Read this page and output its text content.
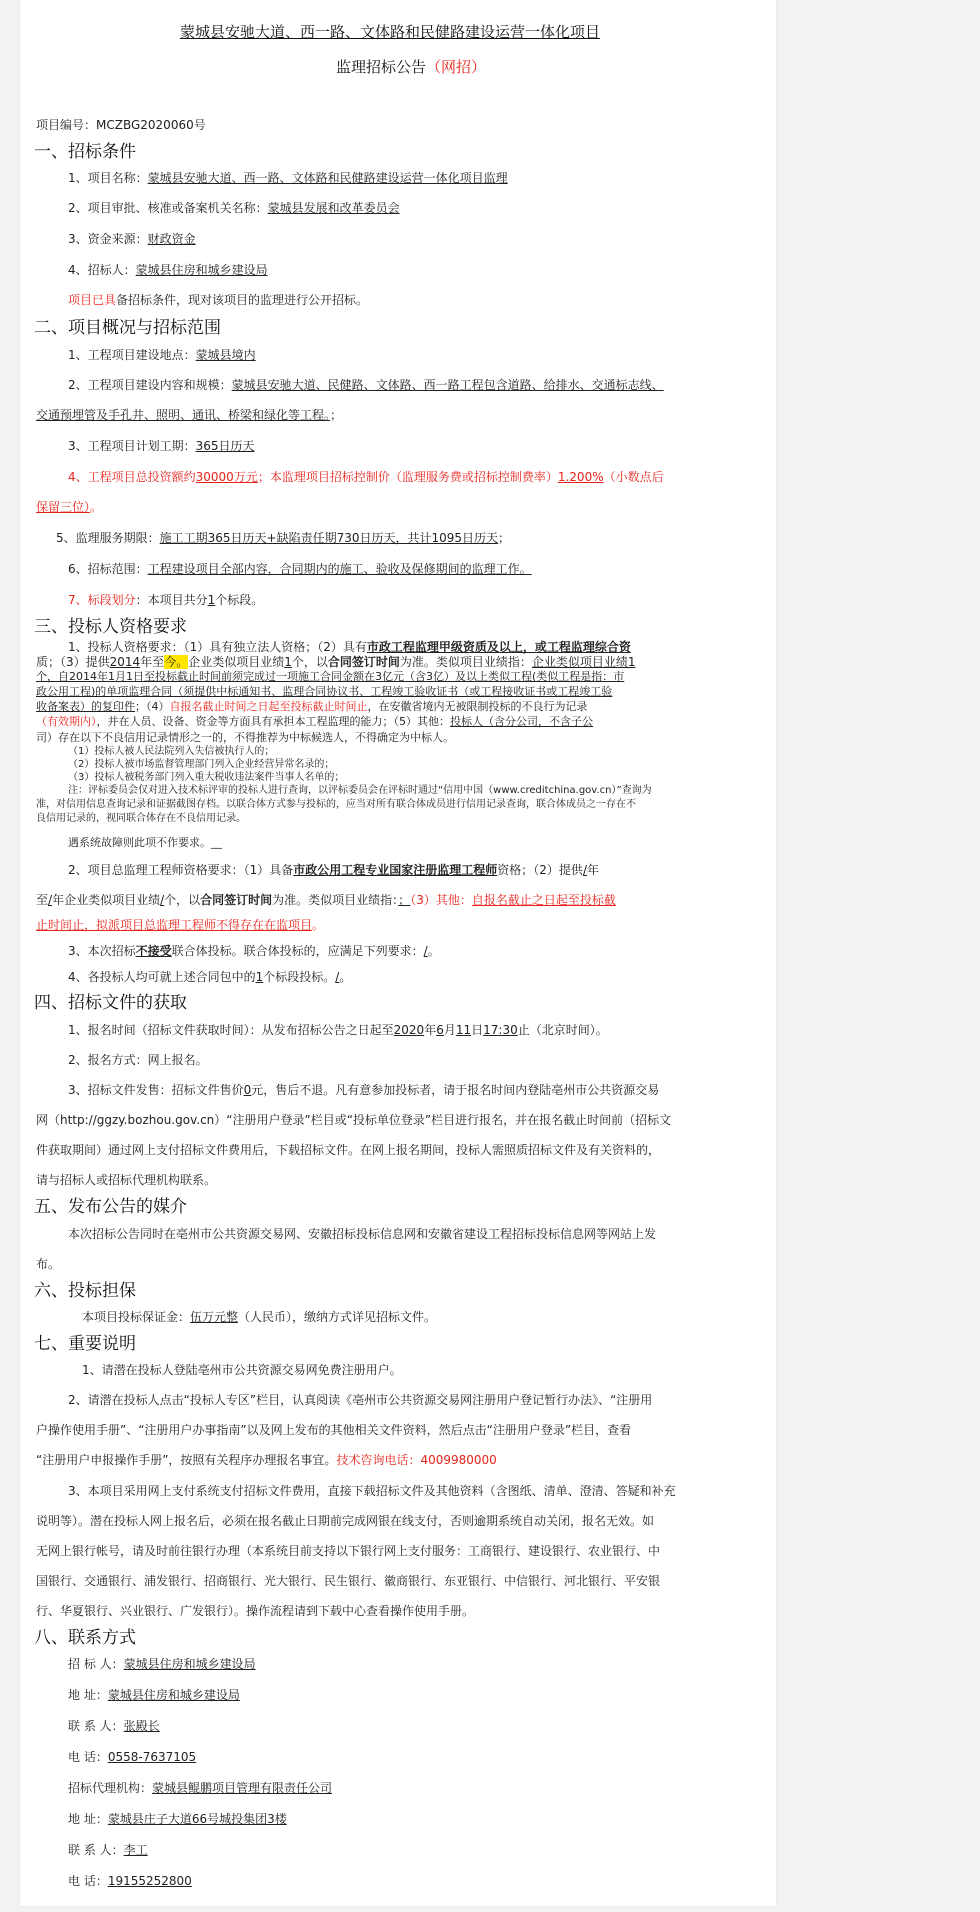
蒙城县安驰大道、西一路、文体路和民健路建设运营一体化项目
监理招标公告（网招）
项目编号：MCZBG2020060号
一、招标条件
1、项目名称：蒙城县安驰大道、西一路、文体路和民健路建设运营一体化项目监理
2、项目审批、核准或备案机关名称：蒙城县发展和改革委员会
3、资金来源：财政资金
4、招标人：蒙城县住房和城乡建设局
项目已具备招标条件，现对该项目的监理进行公开招标。
二、项目概况与招标范围
1、工程项目建设地点：蒙城县境内
2、工程项目建设内容和规模：蒙城县安驰大道、民健路、文体路、西一路工程包含道路、给排水、交通标志线、
交通预埋管及手孔井、照明、通讯、桥梁和绿化等工程。；
3、工程项目计划工期：365日历天
4、工程项目总投资额约30000万元；本监理项目招标控制价（监理服务费或招标控制费率）1.200%（小数点后
保留三位）。
5、监理服务期限：施工工期365日历天+缺陷责任期730日历天，共计1095日历天；
6、招标范围：工程建设项目全部内容，合同期内的施工、验收及保修期间的监理工作。
7、标段划分：本项目共分1个标段。
三、投标人资格要求
1、投标人资格要求：（1）具有独立法人资格；（2）具有市政工程监理甲级资质及以上，或工程监理综合资
质；（3）提供2014年至今。企业类似项目业绩1个，以合同签订时间为准。类似项目业绩指：企业类似项目业绩1
个，自2014年1月1日至投标截止时间前须完成过一项施工合同金额在3亿元（含3亿）及以上类似工程(类似工程是指：市
政公用工程)的单项监理合同（须提供中标通知书、监理合同协议书、工程竣工验收证书（或工程接收证书或工程竣工验
收备案表）的复印件；（4）自报名截止时间之日起至投标截止时间止，在安徽省境内无被限制投标的不良行为记录
（有效期内），并在人员、设备、资金等方面具有承担本工程监理的能力；（5）其他：投标人（含分公司，不含子公
司）存在以下不良信用记录情形之一的，不得推荐为中标候选人，不得确定为中标人。
（1）投标人被人民法院列入失信被执行人的；
（2）投标人被市场监督管理部门列入企业经营异常名录的；
（3）投标人被税务部门列入重大税收违法案件当事人名单的；
注：评标委员会仅对进入技术标评审的投标人进行查询，以评标委员会在评标时通过“信用中国（www.creditchina.gov.cn）”查询为
准，对信用信息查询记录和证据截图存档。以联合体方式参与投标的，应当对所有联合体成员进行信用记录查询，联合体成员之一存在不
良信用记录的，视同联合体存在不良信用记录。
遇系统故障则此项不作要求。__
2、项目总监理工程师资格要求：（1）具备市政公用工程专业国家注册监理工程师资格；（2）提供/年
至/年企业类似项目业绩/个，以合同签订时间为准。类似项目业绩指：；（3）其他：自报名截止之日起至投标截
止时间止，拟派项目总监理工程师不得存在在监项目。
3、本次招标不接受联合体投标。联合体投标的，应满足下列要求：/。
4、各投标人均可就上述合同包中的1个标段投标。/。
四、招标文件的获取
1、报名时间（招标文件获取时间）：从发布招标公告之日起至2020年6月11日17:30止（北京时间）。
2、报名方式：网上报名。
3、招标文件发售：招标文件售价0元，售后不退。凡有意参加投标者，请于报名时间内登陆亳州市公共资源交易
网（http://ggzy.bozhou.gov.cn）“注册用户登录”栏目或“投标单位登录”栏目进行报名，并在报名截止时间前（招标文
件获取期间）通过网上支付招标文件费用后，下载招标文件。在网上报名期间，投标人需照质招标文件及有关资料的，
请与招标人或招标代理机构联系。
五、发布公告的媒介
本次招标公告同时在亳州市公共资源交易网、安徽招标投标信息网和安徽省建设工程招标投标信息网等网站上发
布。
六、投标担保
本项目投标保证金：伍万元整（人民币），缴纳方式详见招标文件。
七、重要说明
1、请潜在投标人登陆亳州市公共资源交易网免费注册用户。
2、请潜在投标人点击“投标人专区”栏目，认真阅读《亳州市公共资源交易网注册用户登记暂行办法》、“注册用
户操作使用手册”、“注册用户办事指南”以及网上发布的其他相关文件资料，然后点击“注册用户登录”栏目，查看
“注册用户申报操作手册”，按照有关程序办理报名事宜。技术咨询电话：4009980000
3、本项目采用网上支付系统支付招标文件费用，直接下载招标文件及其他资料（含图纸、清单、澄清、答疑和补充
说明等）。潜在投标人网上报名后，必须在报名截止日期前完成网银在线支付，否则逾期系统自动关闭，报名无效。如
无网上银行帐号，请及时前往银行办理（本系统目前支持以下银行网上支付服务：工商银行、建设银行、农业银行、中
国银行、交通银行、浦发银行、招商银行、光大银行、民生银行、徽商银行、东亚银行、中信银行、河北银行、平安银
行、华夏银行、兴业银行、广发银行）。操作流程请到下载中心查看操作使用手册。
八、联系方式
招 标 人：蒙城县住房和城乡建设局
地 址：蒙城县住房和城乡建设局
联 系 人：张殿长
电 话：0558-7637105
招标代理机构：蒙城县鲲鹏项目管理有限责任公司
地 址：蒙城县庄子大道66号城投集团3楼
联 系 人：李工
电 话：19155252800
